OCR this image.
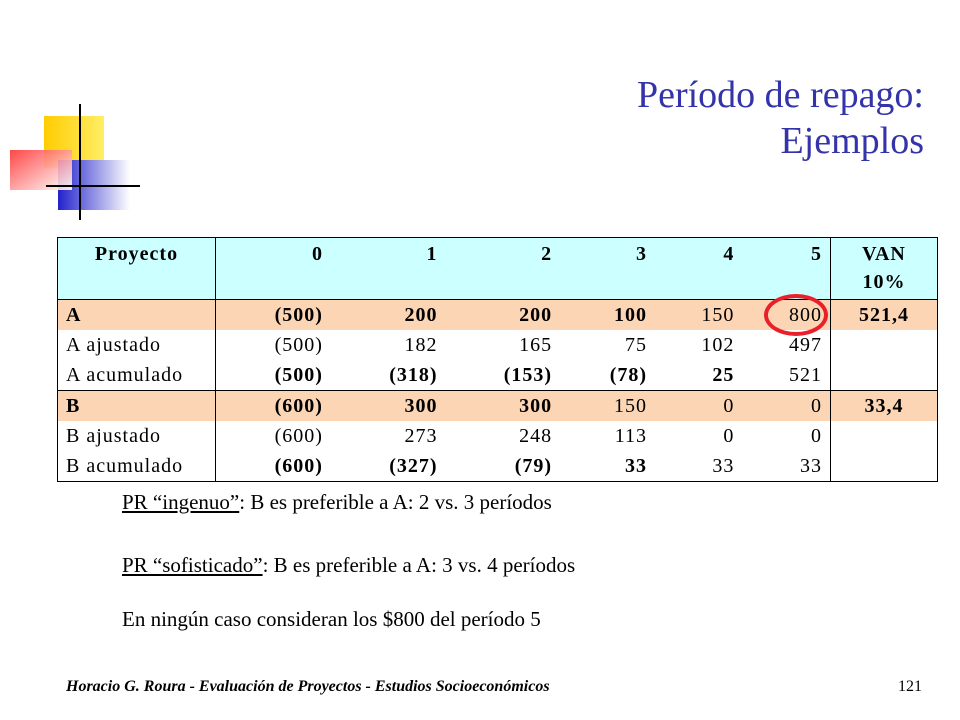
Período de repago:
Ejemplos
Proyecto	0	1	2	3	4	5	VAN
10%

A	(500)	200	200	100	150	800	521,4
A ajustado	(500)	182	165	75	102	497	
A acumulado	(500)	(318)	(153)	(78)	25	521	
B	(600)	300	300	150	0	0	33,4
B ajustado	(600)	273	248	113	0	0	
B acumulado	(600)	(327)	(79)	33	33	33	
PR “ingenuo”: B es preferible a A: 2 vs. 3 períodos
PR “sofisticado”: B es preferible a A: 3 vs. 4 períodos
En ningún caso consideran los $800 del período 5
Horacio G. Roura - Evaluación de Proyectos - Estudios Socioeconómicos	121
